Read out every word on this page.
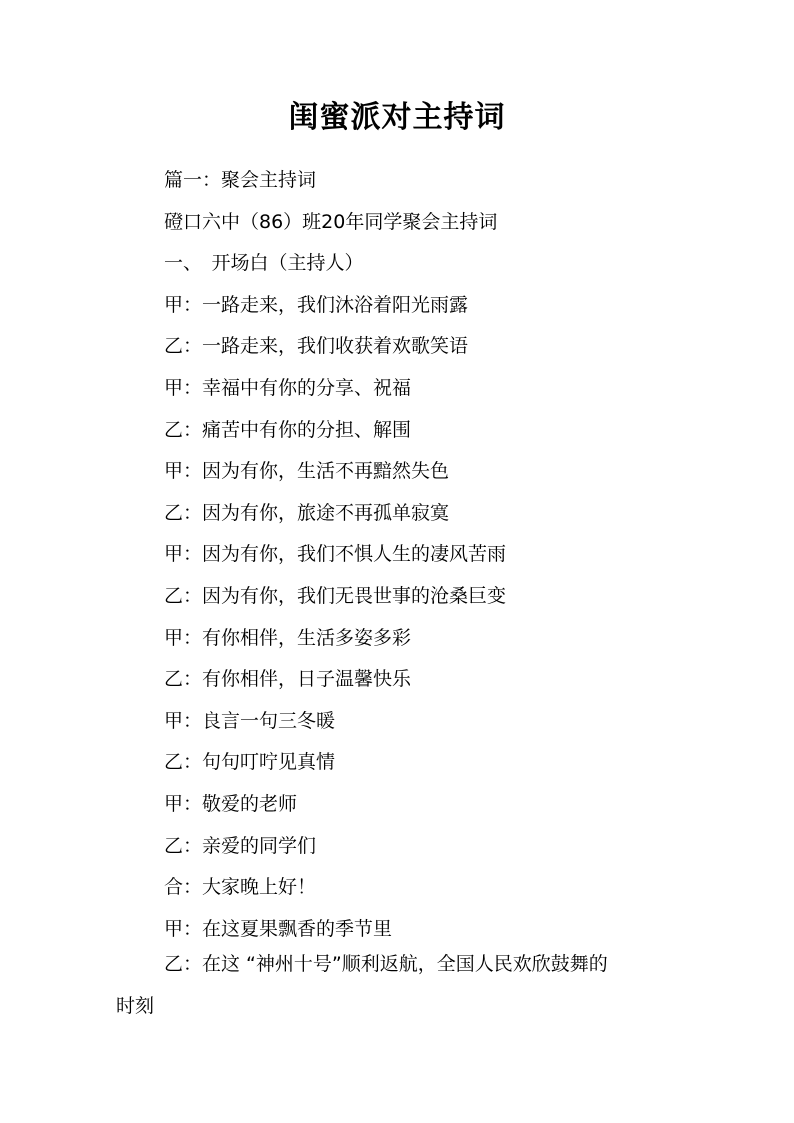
闺蜜派对主持词
篇一：聚会主持词
磴口六中（86）班20年同学聚会主持词
一、　开场白（主持人）
甲：一路走来，我们沐浴着阳光雨露
乙：一路走来，我们收获着欢歌笑语
甲：幸福中有你的分享、祝福
乙：痛苦中有你的分担、解围
甲：因为有你，生活不再黯然失色
乙：因为有你，旅途不再孤单寂寞
甲：因为有你，我们不惧人生的凄风苦雨
乙：因为有你，我们无畏世事的沧桑巨变
甲：有你相伴，生活多姿多彩
乙：有你相伴，日子温馨快乐
甲：良言一句三冬暖
乙：句句叮咛见真情
甲：敬爱的老师
乙：亲爱的同学们
合：大家晚上好！
甲：在这夏果飘香的季节里
乙：在这 “神州十号”顺利返航，全国人民欢欣鼓舞的
时刻
